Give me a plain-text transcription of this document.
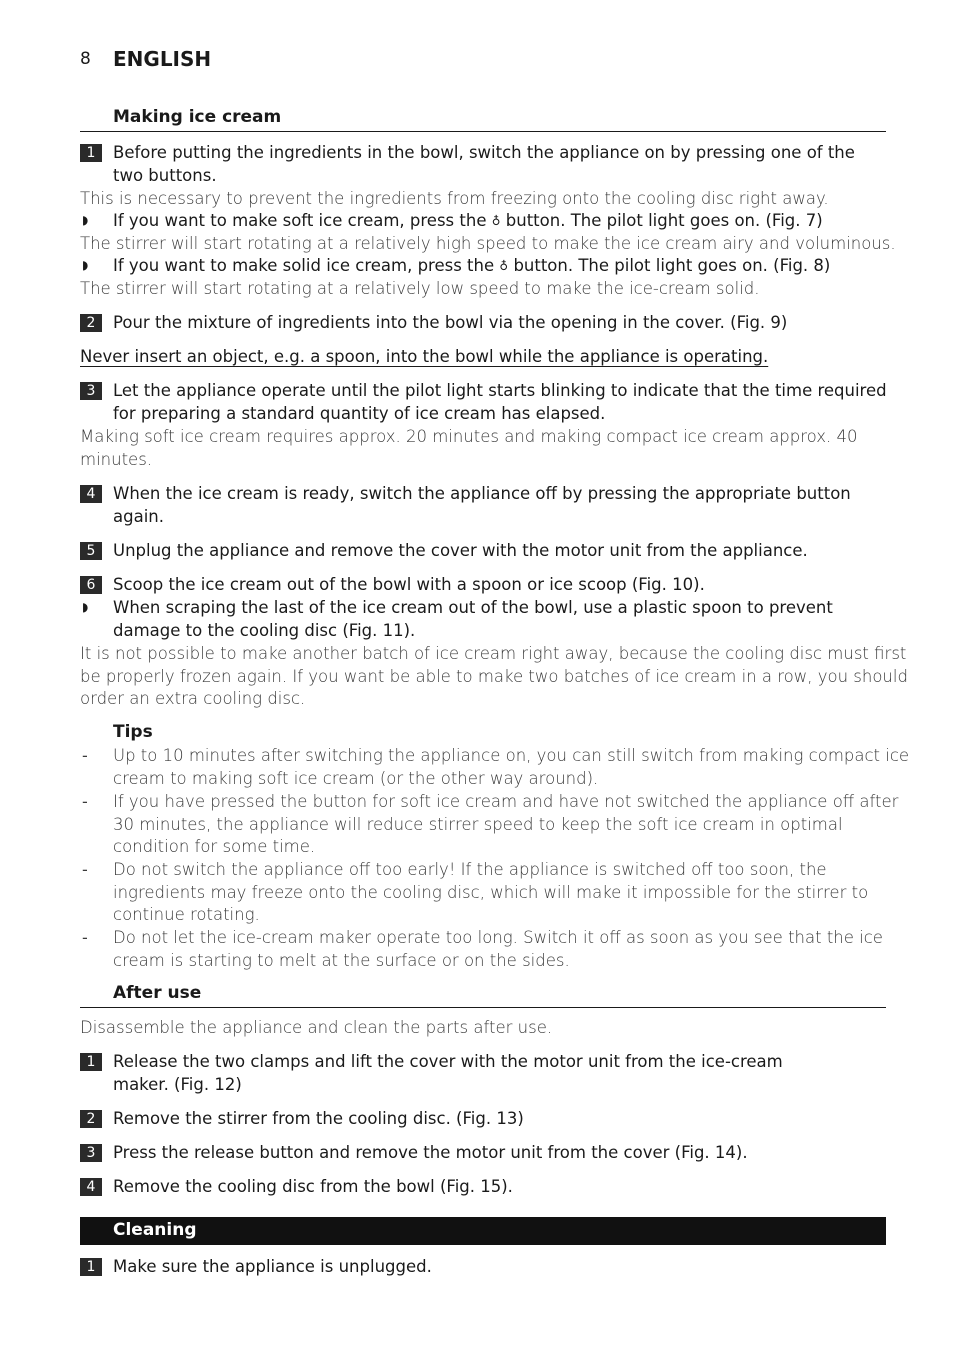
8 ENGLISH
Making ice cream
1	Before putting the ingredients in the bowl, switch the appliance on by pressing one of the
two buttons.
This is necessary to prevent the ingredients from freezing onto the cooling disc right away.
◗ If you want to make soft ice cream, press the ♁ button. The pilot light goes on. (Fig. 7)
The stirrer will start rotating at a relatively high speed to make the ice cream airy and voluminous.
◗ If you want to make solid ice cream, press the ♁ button. The pilot light goes on. (Fig. 8)
The stirrer will start rotating at a relatively low speed to make the ice-cream solid.
2	Pour the mixture of ingredients into the bowl via the opening in the cover. (Fig. 9)
Never insert an object, e.g. a spoon, into the bowl while the appliance is operating.
3	Let the appliance operate until the pilot light starts blinking to indicate that the time required
for preparing a standard quantity of ice cream has elapsed.
Making soft ice cream requires approx. 20 minutes and making compact ice cream approx. 40
minutes.
4	When the ice cream is ready, switch the appliance off by pressing the appropriate button
again.
5	Unplug the appliance and remove the cover with the motor unit from the appliance.
6	Scoop the ice cream out of the bowl with a spoon or ice scoop (Fig. 10).
◗ When scraping the last of the ice cream out of the bowl, use a plastic spoon to prevent
damage to the cooling disc (Fig. 11).
It is not possible to make another batch of ice cream right away, because the cooling disc must first
be properly frozen again. If you want be able to make two batches of ice cream in a row, you should
order an extra cooling disc.
Tips
- Up to 10 minutes after switching the appliance on, you can still switch from making compact ice
cream to making soft ice cream (or the other way around).
- If you have pressed the button for soft ice cream and have not switched the appliance off after
30 minutes, the appliance will reduce stirrer speed to keep the soft ice cream in optimal
condition for some time.
- Do not switch the appliance off too early! If the appliance is switched off too soon, the
ingredients may freeze onto the cooling disc, which will make it impossible for the stirrer to
continue rotating.
- Do not let the ice-cream maker operate too long. Switch it off as soon as you see that the ice
cream is starting to melt at the surface or on the sides.
After use
Disassemble the appliance and clean the parts after use.
1	Release the two clamps and lift the cover with the motor unit from the ice-cream
maker. (Fig. 12)
2	Remove the stirrer from the cooling disc. (Fig. 13)
3	Press the release button and remove the motor unit from the cover (Fig. 14).
4	Remove the cooling disc from the bowl (Fig. 15).
Cleaning
1	Make sure the appliance is unplugged.
